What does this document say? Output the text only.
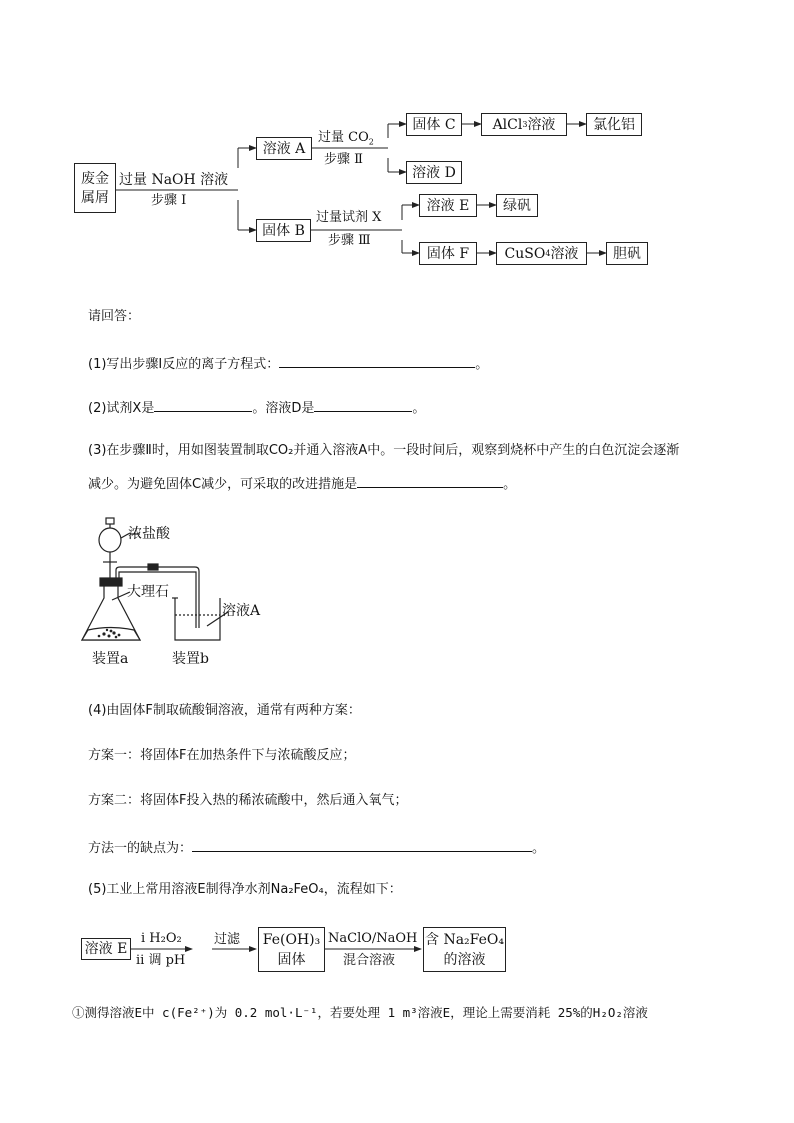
废金
属屑
过量 NaOH 溶液
步骤 Ⅰ
溶液 A
过量 $CO_2$
步骤 Ⅱ
固体 C	AlCl 3 溶液	氯化铝
溶液 D
固体 B
过量试剂 X
步骤 Ⅲ
溶液 E	绿矾
固体 F	CuSO 4 溶液	胆矾
请回答：
(1)写出步骤Ⅰ反应的离子方程式：	。
(2)试剂X是	。溶液D是	。
(3)在步骤Ⅱ时，用如图装置制取CO₂并通入溶液A中。一段时间后，观察到烧杯中产生的白色沉淀会逐渐
减少。为避免固体C减少，可采取的改进措施是	。
浓盐酸
大理石
溶液A
装置a	装置b
(4)由固体F制取硫酸铜溶液，通常有两种方案：
方案一：将固体F在加热条件下与浓硫酸反应；
方案二：将固体F投入热的稀浓硫酸中，然后通入氧气；
方法一的缺点为：	。
(5)工业上常用溶液E制得净水剂Na₂FeO₄，流程如下：
溶液 E
ⅰ H₂O₂
ⅱ 调 pH
过滤 Fe(OH)₃
固体
NaClO/NaOH
混合溶液
含 Na₂FeO₄
的溶液
①测得溶液E中 c(Fe²⁺)为 0.2 mol·L⁻¹，若要处理 1 m³溶液E，理论上需要消耗 25%的H₂O₂溶液
